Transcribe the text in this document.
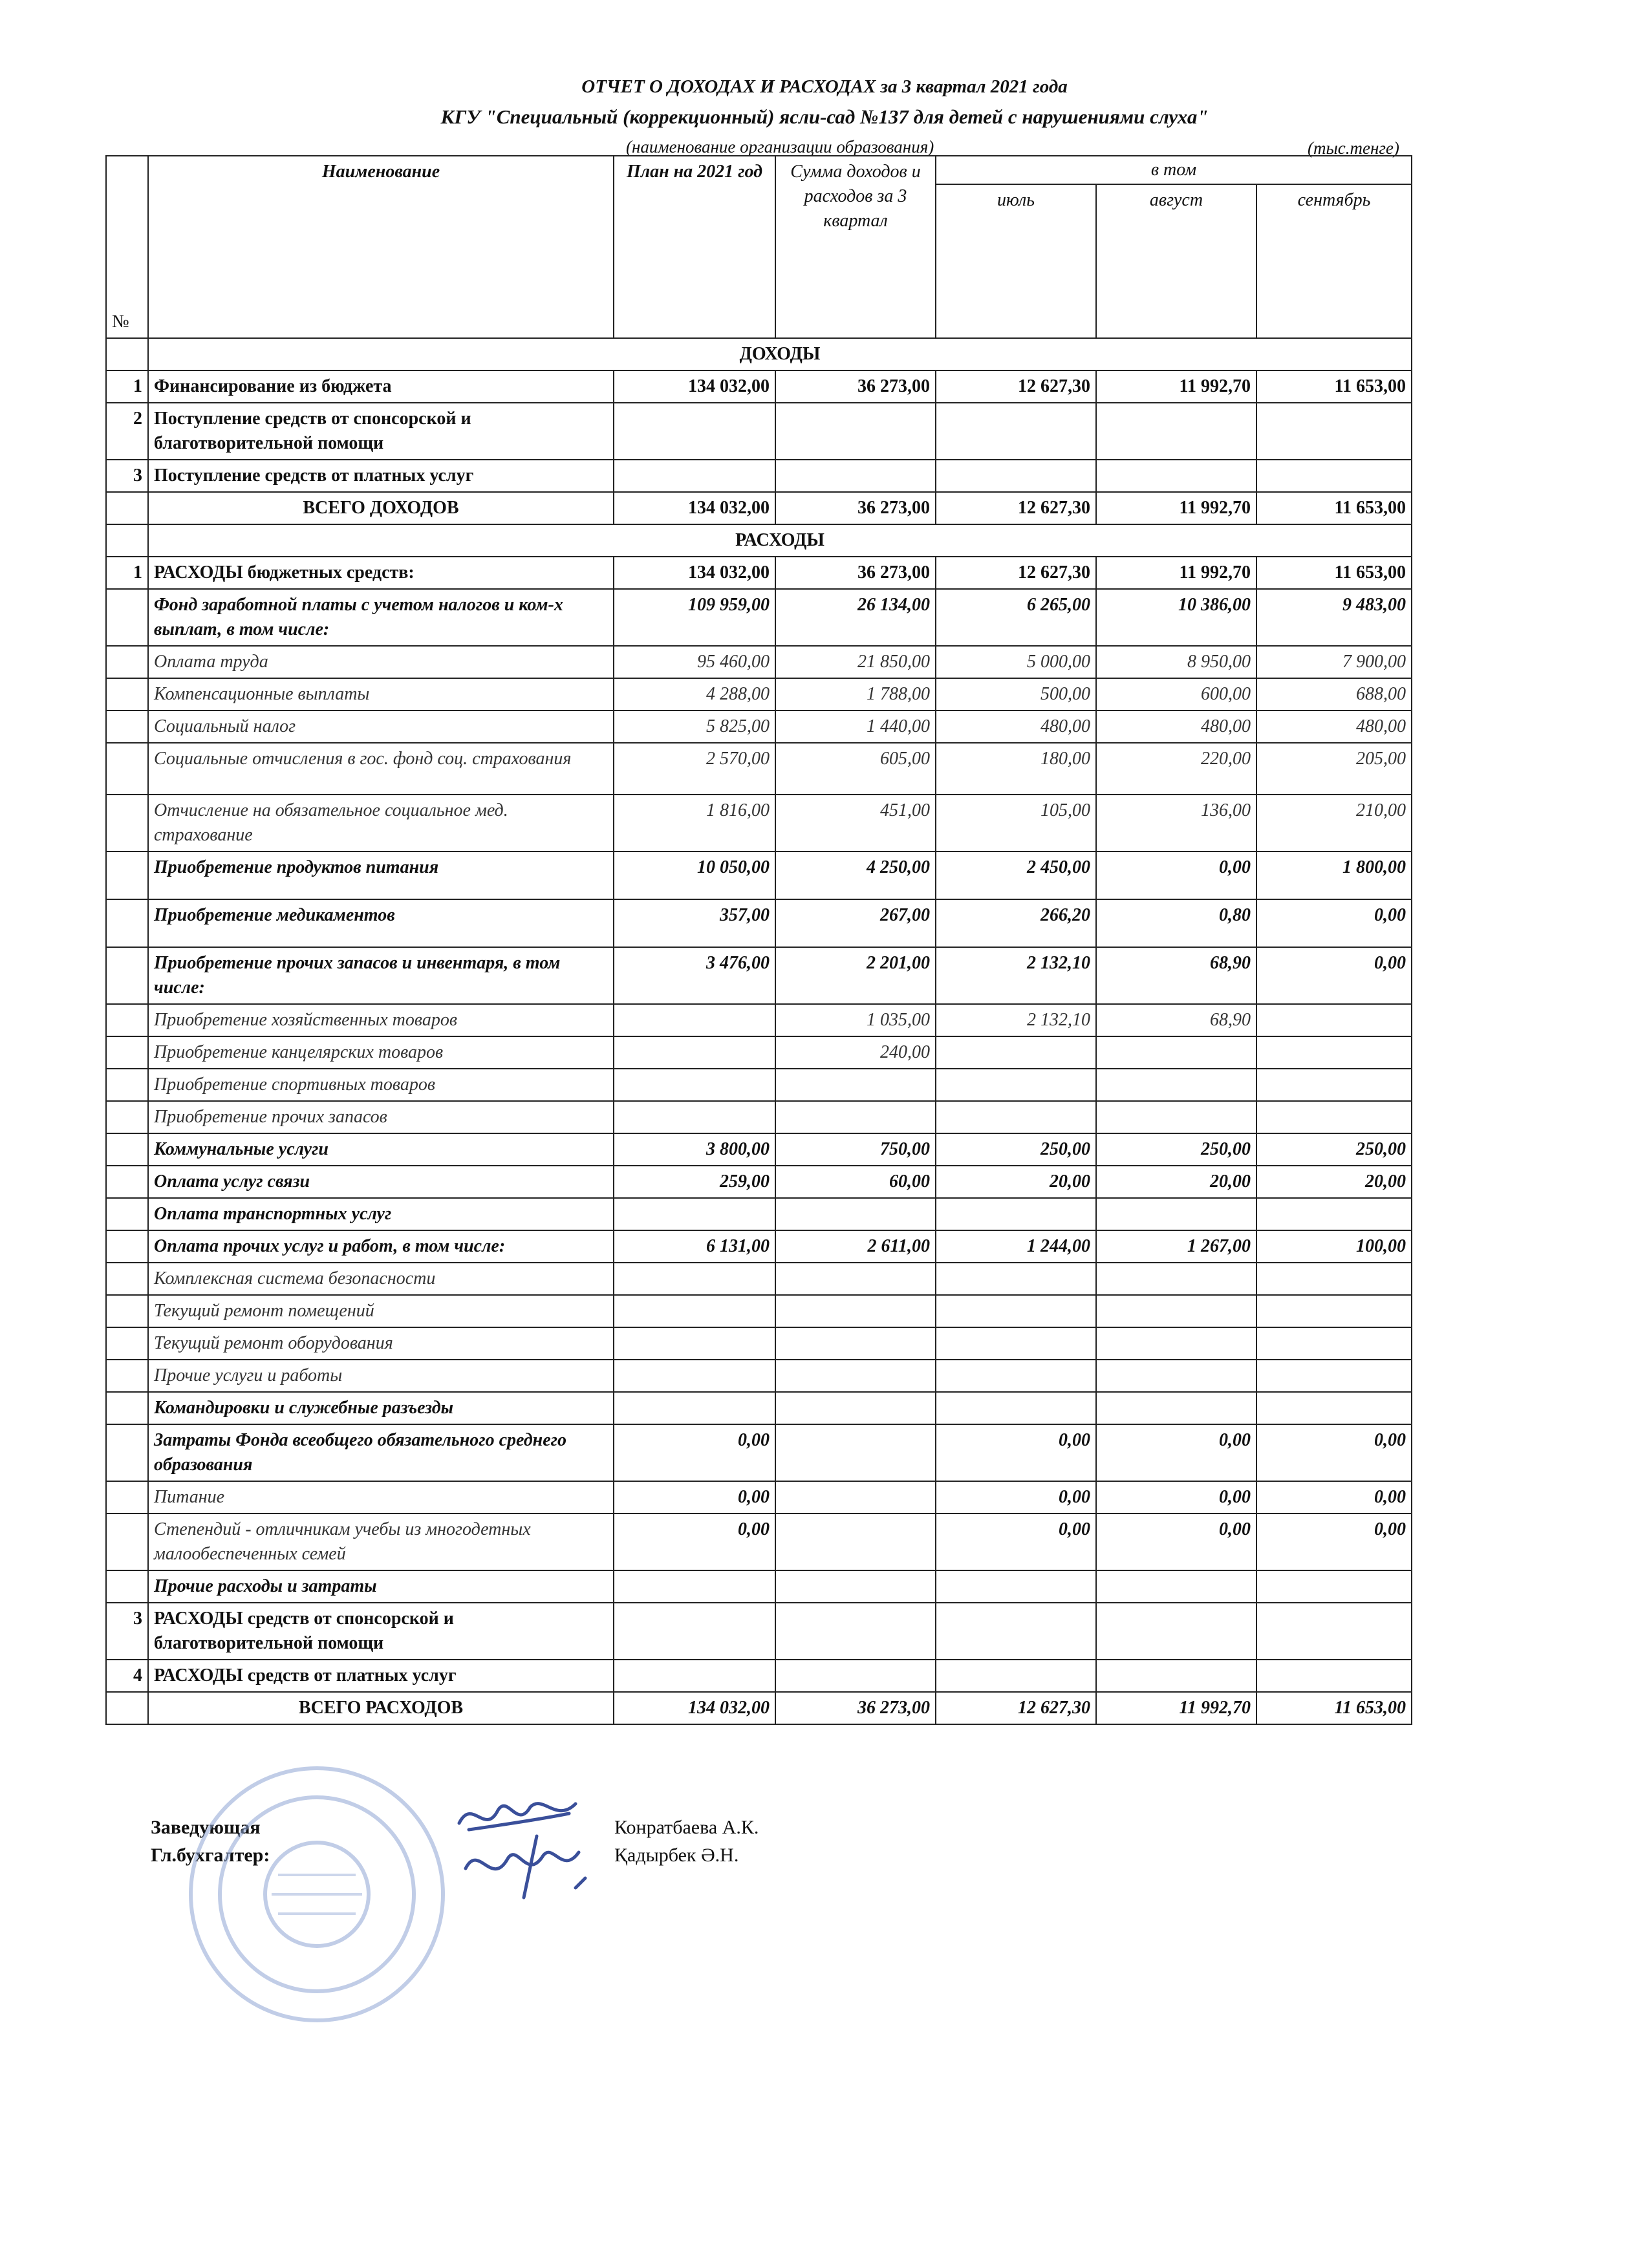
ОТЧЕТ О ДОХОДАХ И РАСХОДАХ за 3 квартал 2021 года
КГУ "Специальный (коррекционный) ясли-сад №137 для детей с нарушениями слуха"
(наименование организации образования)	(тыс.тенге)
№	Наименование	План на 2021 год	Сумма доходов и расходов за 3 квартал	в том		
				июль	август	сентябрь
	ДОХОДЫ					
1	Финансирование из бюджета	134 032,00	36 273,00	12 627,30	11 992,70	11 653,00
2	Поступление средств от спонсорской и благотворительной помощи					
3	Поступление средств от платных услуг					
	ВСЕГО ДОХОДОВ	134 032,00	36 273,00	12 627,30	11 992,70	11 653,00
	РАСХОДЫ					
1	РАСХОДЫ бюджетных средств:	134 032,00	36 273,00	12 627,30	11 992,70	11 653,00
	Фонд заработной платы с учетом налогов и ком-х выплат, в том числе:	109 959,00	26 134,00	6 265,00	10 386,00	9 483,00
	Оплата труда	95 460,00	21 850,00	5 000,00	8 950,00	7 900,00
	Компенсационные выплаты	4 288,00	1 788,00	500,00	600,00	688,00
	Социальный налог	5 825,00	1 440,00	480,00	480,00	480,00
	Социальные отчисления в гос. фонд соц. страхования	2 570,00	605,00	180,00	220,00	205,00
	Отчисление на обязательное социальное мед. страхование	1 816,00	451,00	105,00	136,00	210,00
	Приобретение продуктов питания	10 050,00	4 250,00	2 450,00	0,00	1 800,00
	Приобретение медикаментов	357,00	267,00	266,20	0,80	0,00
	Приобретение прочих запасов и инвентаря, в том числе:	3 476,00	2 201,00	2 132,10	68,90	0,00
	Приобретение хозяйственных товаров		1 035,00	2 132,10	68,90	
	Приобретение канцелярских товаров		240,00			
	Приобретение спортивных товаров					
	Приобретение прочих запасов					
	Коммунальные услуги	3 800,00	750,00	250,00	250,00	250,00
	Оплата услуг связи	259,00	60,00	20,00	20,00	20,00
	Оплата транспортных услуг					
	Оплата прочих услуг и работ, в том числе:	6 131,00	2 611,00	1 244,00	1 267,00	100,00
	Комплексная система безопасности					
	Текущий ремонт помещений					
	Текущий ремонт оборудования					
	Прочие услуги и работы					
	Командировки и служебные разъезды					
	Затраты Фонда всеобщего обязательного среднего образования	0,00		0,00	0,00	0,00
	Питание	0,00		0,00	0,00	0,00
	Степендий - отличникам учебы из многодетных малообеспеченных семей	0,00		0,00	0,00	0,00
	Прочие расходы и затраты					
3	РАСХОДЫ средств от спонсорской и благотворительной помощи					
4	РАСХОДЫ средств от платных услуг					
	ВСЕГО РАСХОДОВ	134 032,00	36 273,00	12 627,30	11 992,70	11 653,00
Заведующая
Гл.бухгалтер:
Конратбаева А.К.
Қадырбек Ә.Н.
